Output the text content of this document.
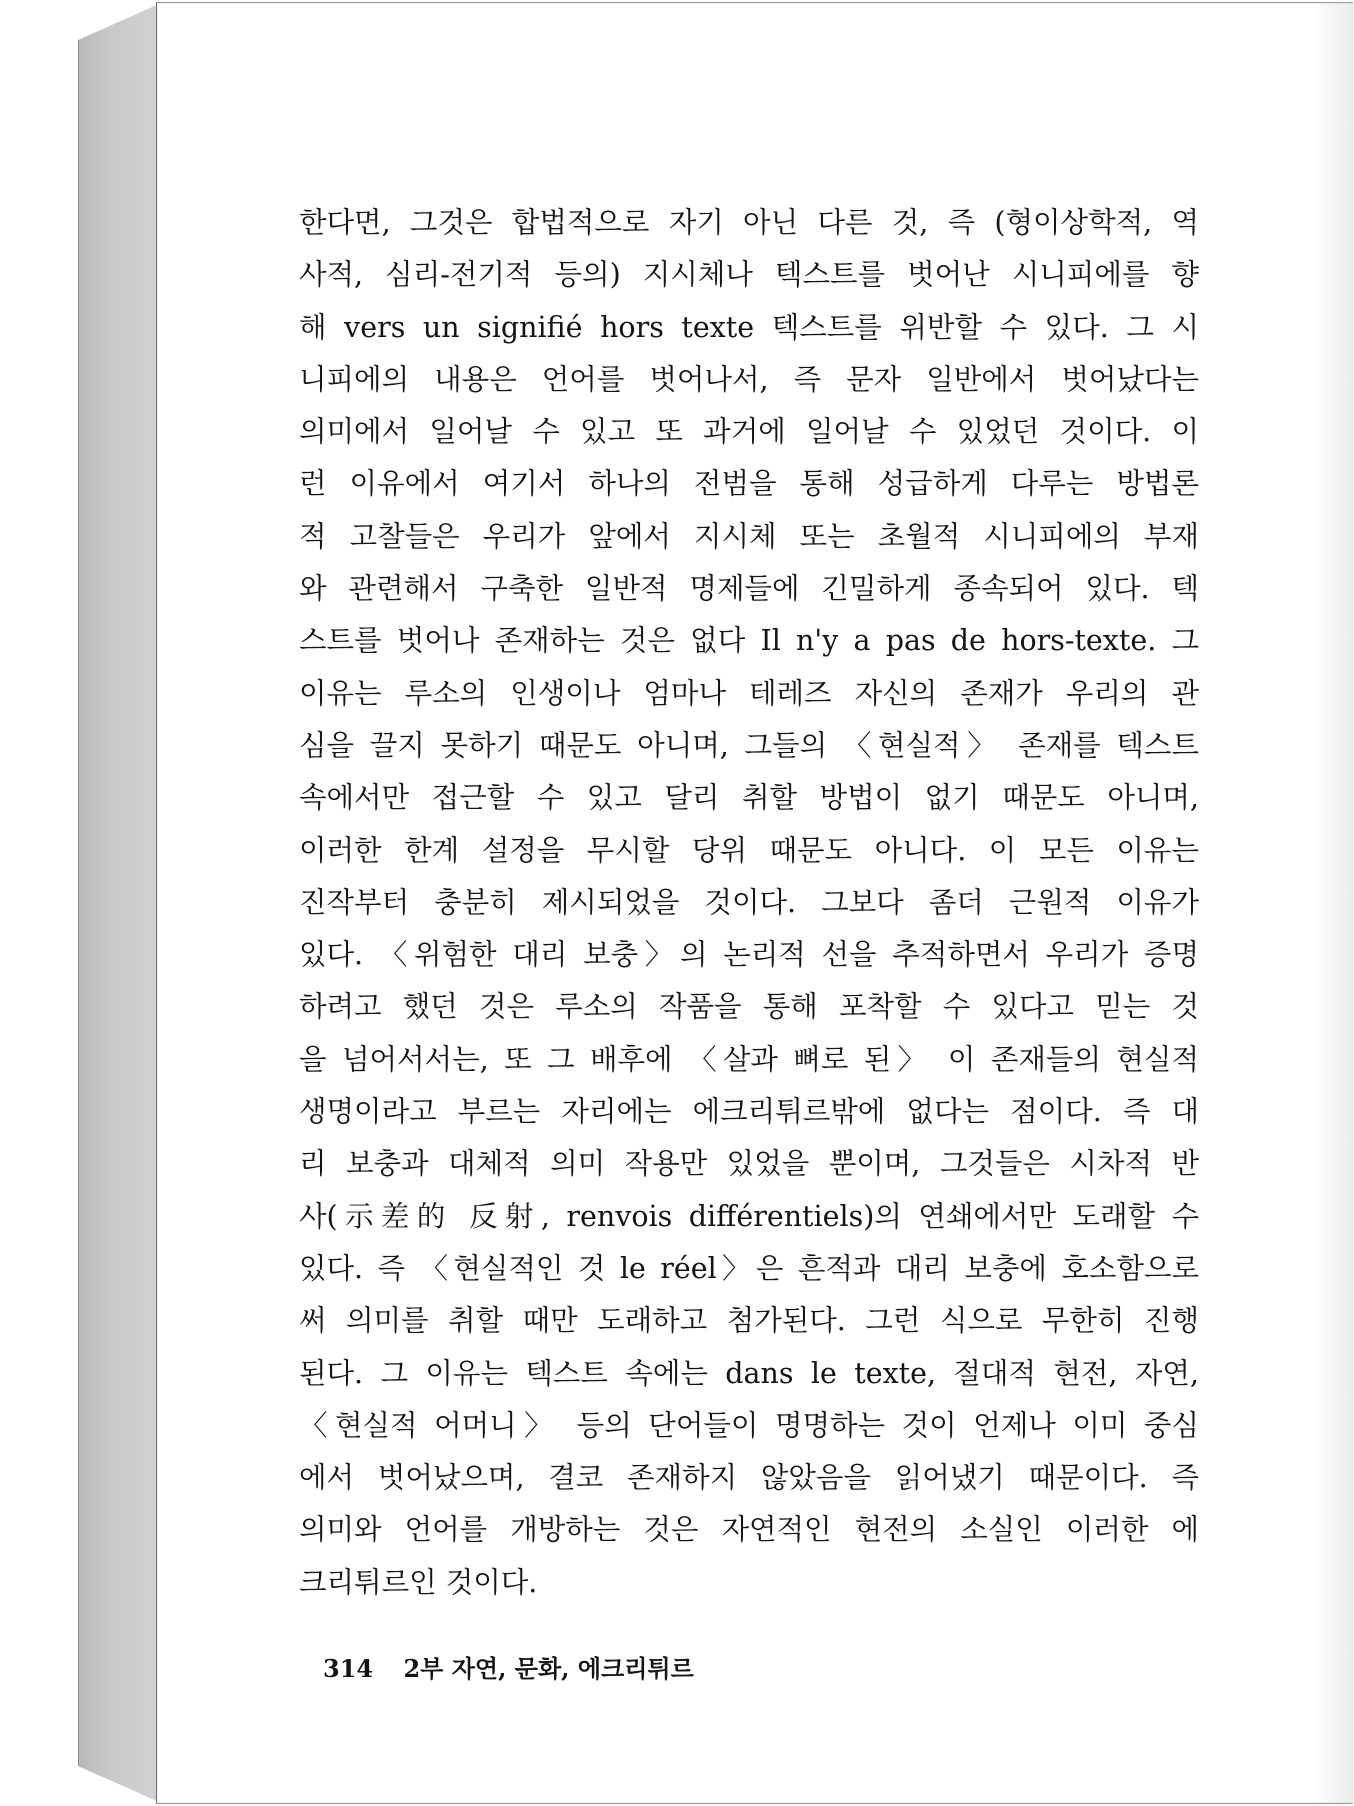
한다면, 그것은 합법적으로 자기 아닌 다른 것, 즉 (형이상학적, 역
사적, 심리-전기적 등의) 지시체나 텍스트를 벗어난 시니피에를 향
해 vers un signifié hors texte 텍스트를 위반할 수 있다. 그 시
니피에의 내용은 언어를 벗어나서, 즉 문자 일반에서 벗어났다는
의미에서 일어날 수 있고 또 과거에 일어날 수 있었던 것이다. 이
런 이유에서 여기서 하나의 전범을 통해 성급하게 다루는 방법론
적 고찰들은 우리가 앞에서 지시체 또는 초월적 시니피에의 부재
와 관련해서 구축한 일반적 명제들에 긴밀하게 종속되어 있다. 텍
스트를 벗어나 존재하는 것은 없다 Il n'y a pas de hors-texte. 그
이유는 루소의 인생이나 엄마나 테레즈 자신의 존재가 우리의 관
심을 끌지 못하기 때문도 아니며, 그들의 〈현실적〉 존재를 텍스트
속에서만 접근할 수 있고 달리 취할 방법이 없기 때문도 아니며,
이러한 한계 설정을 무시할 당위 때문도 아니다. 이 모든 이유는
진작부터 충분히 제시되었을 것이다. 그보다 좀더 근원적 이유가
있다. 〈위험한 대리 보충〉의 논리적 선을 추적하면서 우리가 증명
하려고 했던 것은 루소의 작품을 통해 포착할 수 있다고 믿는 것
을 넘어서서는, 또 그 배후에 〈살과 뼈로 된〉 이 존재들의 현실적
생명이라고 부르는 자리에는 에크리튀르밖에 없다는 점이다. 즉 대
리 보충과 대체적 의미 작용만 있었을 뿐이며, 그것들은 시차적 반
사(示差的 反射, renvois différentiels)의 연쇄에서만 도래할 수
있다. 즉 〈현실적인 것 le réel〉은 흔적과 대리 보충에 호소함으로
써 의미를 취할 때만 도래하고 첨가된다. 그런 식으로 무한히 진행
된다. 그 이유는 텍스트 속에는 dans le texte, 절대적 현전, 자연,
〈현실적 어머니〉 등의 단어들이 명명하는 것이 언제나 이미 중심
에서 벗어났으며, 결코 존재하지 않았음을 읽어냈기 때문이다. 즉
의미와 언어를 개방하는 것은 자연적인 현전의 소실인 이러한 에
크리튀르인 것이다.
314 2부 자연, 문화, 에크리튀르
